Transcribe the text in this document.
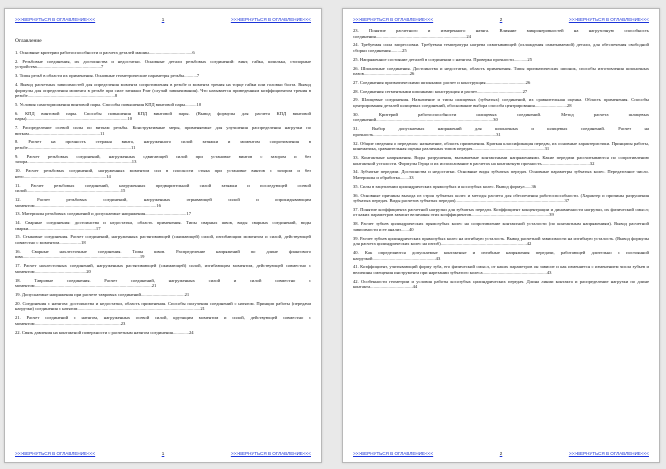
>>>ВЕРНУТЬСЯ В ОГЛАВЛЕНИЕ<<<	1	>>>ВЕРНУТЬСЯ В ОГЛАВЛЕНИЕ<<<
Оглавление
1. Основные критерии работоспособности и расчета деталей машин......................................6
2. Резьбовые соединения, их достоинства и недостатки. Основные детали резьбовых соединений: винт, гайка, шпилька, стопорные устройства........................................................7
3. Типы резьб в области их применения. Основные геометрические параметры резьбы...........7
4. Вывод расчетных зависимостей для определения момента сопротивления в резьбе и момента трения на торце гайки или головки болта. Вывод формулы для определения момента в резьбе при силе затяжки Fзат (случай завинчивания). Что называется приведенным коэффициентом трения в резьбе............................................................................8
5. Условия самоторможения винтовой пары. Способы повышения КПД винтовой пары..........10
6. КПД винтовой пары. Способы повышения КПД винтовой пары. (Вывод формулы для расчета КПД винтовой пары)........................................................................................10
7. Распределение осевой силы по виткам резьбы. Конструктивные меры, применяемые для улучшения распределения нагрузки по виткам..............................................................11
8. Расчет на прочность стержня винта, нагруженного силой затяжки и моментом сопротивления в резьбе..........................................................................................11
9. Расчет резьбовых соединений, нагруженных сдвигающей силой при установке винтов с зазором и без зазора...........................................................................................13
10. Расчет резьбовых соединений, нагруженных моментом сил в плоскости стыка при установке винтов с зазором и без него........................................................................14
11. Расчет резьбовых соединений, нагруженных предварительной силой затяжки и последующей осевой силой..................................................................................15
12. Расчет резьбовых соединений, нагруженных отрывающей силой и опрокидывающим моментом..........................................................................................................16
13. Материалы резьбовых соединений и допускаемые напряжения....................................17
14. Сварные соединения: достоинства и недостатки, область применения. Типы сварных швов, виды сварных соединений, виды сварки...........................................................17
15. Стыковые соединения. Расчет соединений, нагруженных растягивающей (сжимающей) силой, изгибающим моментом и силой, действующей совместно с моментом...................18
16. Сварные нахлесточные соединения. Типы швов. Распределение напряжений по длине флангового шва......................................................................................................19
17. Расчет нахлесточных соединений, нагруженных растягивающей (сжимающей) силой, изгибающим моментом, действующей совместно с моментом.............................................20
18. Тавровые соединения. Расчет соединений, нагруженных силой и силой совместно с моментом......................................................................................................21
19. Допускаемые напряжения при расчете тавровых соединений......................................21
20. Соединения с натягом: достоинства и недостатки, область применения. Способы получения соединений с натягом. Принцип работы (передачи нагрузки) соединения с натягом...........................................................................................................21
21. Расчет соединений с натягом, нагруженных осевой силой, крутящим моментом и силой, действующей совместно с моментом...........................................................................23
22. Связь давления на контактной поверхности с расчетным натягом соединения..............24
>>>ВЕРНУТЬСЯ В ОГЛАВЛЕНИЕ<<<	1	>>>ВЕРНУТЬСЯ В ОГЛАВЛЕНИЕ<<<
>>>ВЕРНУТЬСЯ В ОГЛАВЛЕНИЕ<<<	2	>>>ВЕРНУТЬСЯ В ОГЛАВЛЕНИЕ<<<
23. Понятие расчетного и измеренного натяга. Влияние микронеровностей на нагрузочную способность соединения...............................................................................24
24. Требуемая сила запрессовки. Требуемая температура нагрева охватывающей (охлаждения охватываемой) детали, для обеспечения свободной сборки соединения..........25
25. Напряженное состояние деталей в соединении с натягом. Проверка прочности............25
26. Шпоночные соединения. Достоинства и недостатки, область применения. Типы призматических шпонок, способы изготовления шпоночных пазов........................................26
27. Соединения призматическими шпонками: расчет и конструкция...................................26
28. Соединения сегментными шпонками: конструкция и расчет........................................27
29. Шлицевые соединения. Назначение и типы шлицевых (зубчатых) соединений, их сравнительная оценка. Область применения. Способы центрирования деталей шлицевых соединений, обоснование выбора способа центрирования............................28
30. Критерий работоспособности шлицевых соединений. Метод расчета шлицевых соединений......................................................................................................30
31. Выбор допускаемых напряжений для шпоночных и шлицевых соединений. Расчет на прочность...........................................................................................................31
32. Общие сведения о передачах: назначение, область применения. Краткая классификация передач, их основные характеристики. Принципы работы, кинематика, сравнительная оценка различных типов передач...............................................................31
33. Контактные напряжения. Виды разрушения, вызываемые контактными напряжениями. Какие передачи рассчитываются по сопротивлению контактной усталости. Формулы Герца и их использование в расчетах на контактную прочность..........................................32
34. Зубчатые передачи. Достоинства и недостатки. Основные виды зубчатых передач. Основные параметры зубчатых колес. Передаточное число. Материалы и обработка........33
35. Силы в зацеплении цилиндрических прямозубых и косозубых колес. Вывод формул......36
36. Основные причины выхода из строя зубчатых колес и методы расчета для обеспечения работоспособности. (Характер и причины разрушения зубчатых передач. Виды расчетов зубчатых передач)...............................................................................................37
37. Понятие коэффициента расчетной нагрузки для зубчатых передач. Коэффициент концентрации и динамичности нагрузки, их физический смысл; от каких параметров зависят величины этих коэффициентов....................................................................39
38. Расчет зубьев цилиндрических прямозубых колес на сопротивление контактной усталости (по контактным напряжениям). Вывод расчетной зависимости и ее анализ.......40
39. Расчет зубьев цилиндрических прямозубых колес на изгибную усталость. Вывод расчетной зависимости на изгибную усталость. (Вывод формулы для расчета цилиндрических колес на изгиб)...........................................................................42
40. Как определяются допускаемые контактные и изгибные напряжения передачи, работающей длительно с постоянной нагрузкой.......................................................43
41. Коэффициент, учитывающий форму зуба, его физический смысл, от каких параметров он зависит и как изменяется с изменением числа зубьев и величины смещения инструмента при нарезании зубчатого колеса........................................................43
42. Особенности геометрии и условия работы косозубых цилиндрических передач. Длина линии контакта и распределение нагрузки по длине контакта.....................................44
>>>ВЕРНУТЬСЯ В ОГЛАВЛЕНИЕ<<<	2	>>>ВЕРНУТЬСЯ В ОГЛАВЛЕНИЕ<<<
